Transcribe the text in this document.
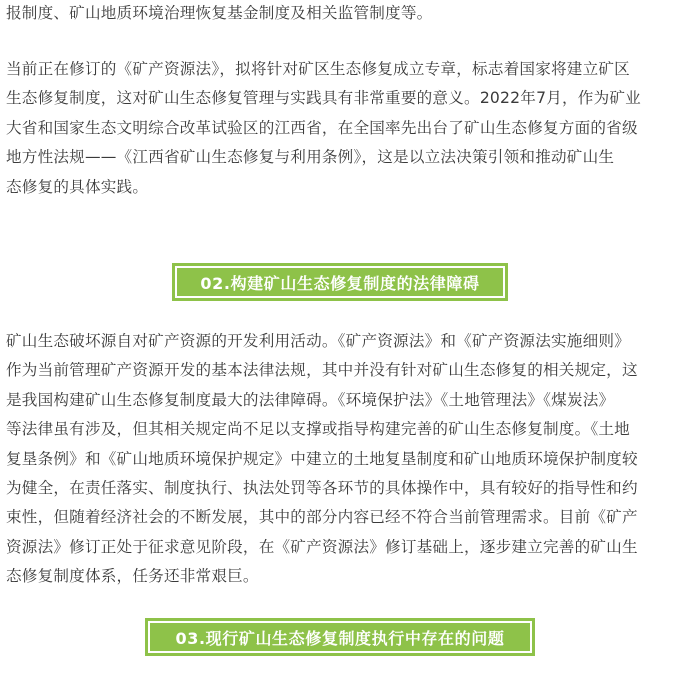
报制度、矿山地质环境治理恢复基金制度及相关监管制度等。

当前正在修订的《矿产资源法》，拟将针对矿区生态修复成立专章，标志着国家将建立矿区
生态修复制度，这对矿山生态修复管理与实践具有非常重要的意义。2022年7月，作为矿业
大省和国家生态文明综合改革试验区的江西省，在全国率先出台了矿山生态修复方面的省级
地方性法规——《江西省矿山生态修复与利用条例》，这是以立法决策引领和推动矿山生
态修复的具体实践。

矿山生态破坏源自对矿产资源的开发利用活动。《矿产资源法》和《矿产资源法实施细则》
作为当前管理矿产资源开发的基本法律法规，其中并没有针对矿山生态修复的相关规定，这
是我国构建矿山生态修复制度最大的法律障碍。《环境保护法》《土地管理法》《煤炭法》
等法律虽有涉及，但其相关规定尚不足以支撑或指导构建完善的矿山生态修复制度。《土地
复垦条例》和《矿山地质环境保护规定》中建立的土地复垦制度和矿山地质环境保护制度较
为健全，在责任落实、制度执行、执法处罚等各环节的具体操作中，具有较好的指导性和约
束性，但随着经济社会的不断发展，其中的部分内容已经不符合当前管理需求。目前《矿产
资源法》修订正处于征求意见阶段，在《矿产资源法》修订基础上，逐步建立完善的矿山生
态修复制度体系，任务还非常艰巨。

02.构建矿山生态修复制度的法律障碍
03.现行矿山生态修复制度执行中存在的问题
